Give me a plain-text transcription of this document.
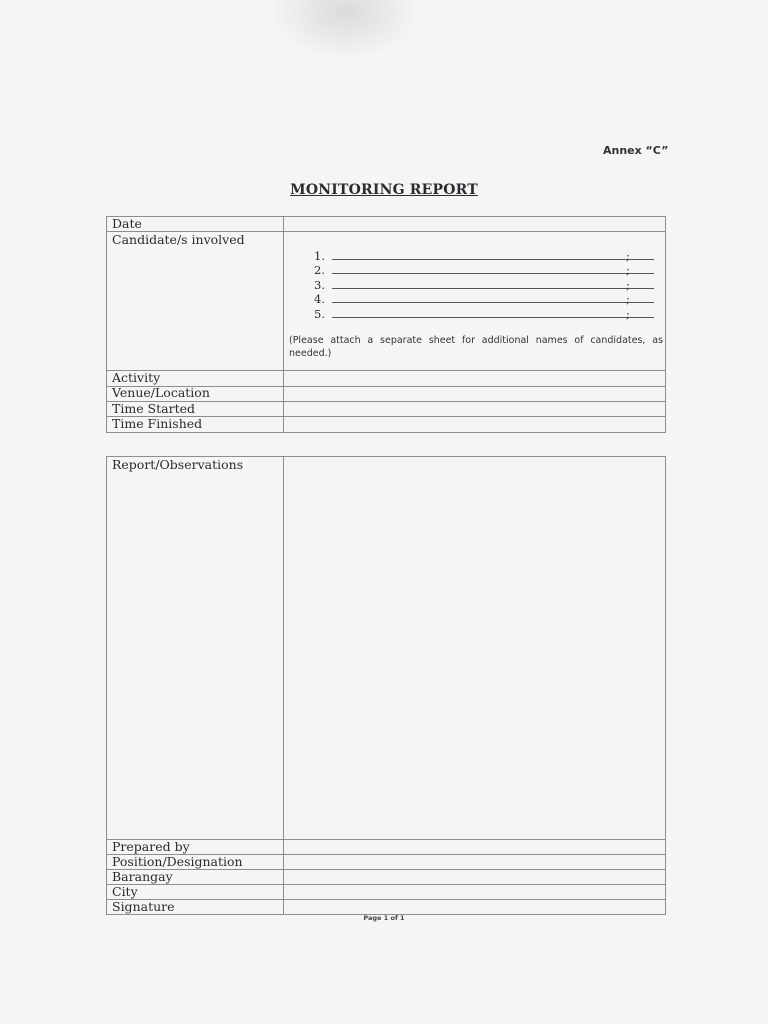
Annex “C”
MONITORING REPORT
Date
Candidate/s involved
1.	;
2.	;
3.	;
4.	;
5.	;
(Please attach a separate sheet for additional names of candidates, as needed.)
Activity
Venue/Location
Time Started
Time Finished
Report/Observations
Prepared by
Position/Designation
Barangay
City
Signature
Page 1 of 1
